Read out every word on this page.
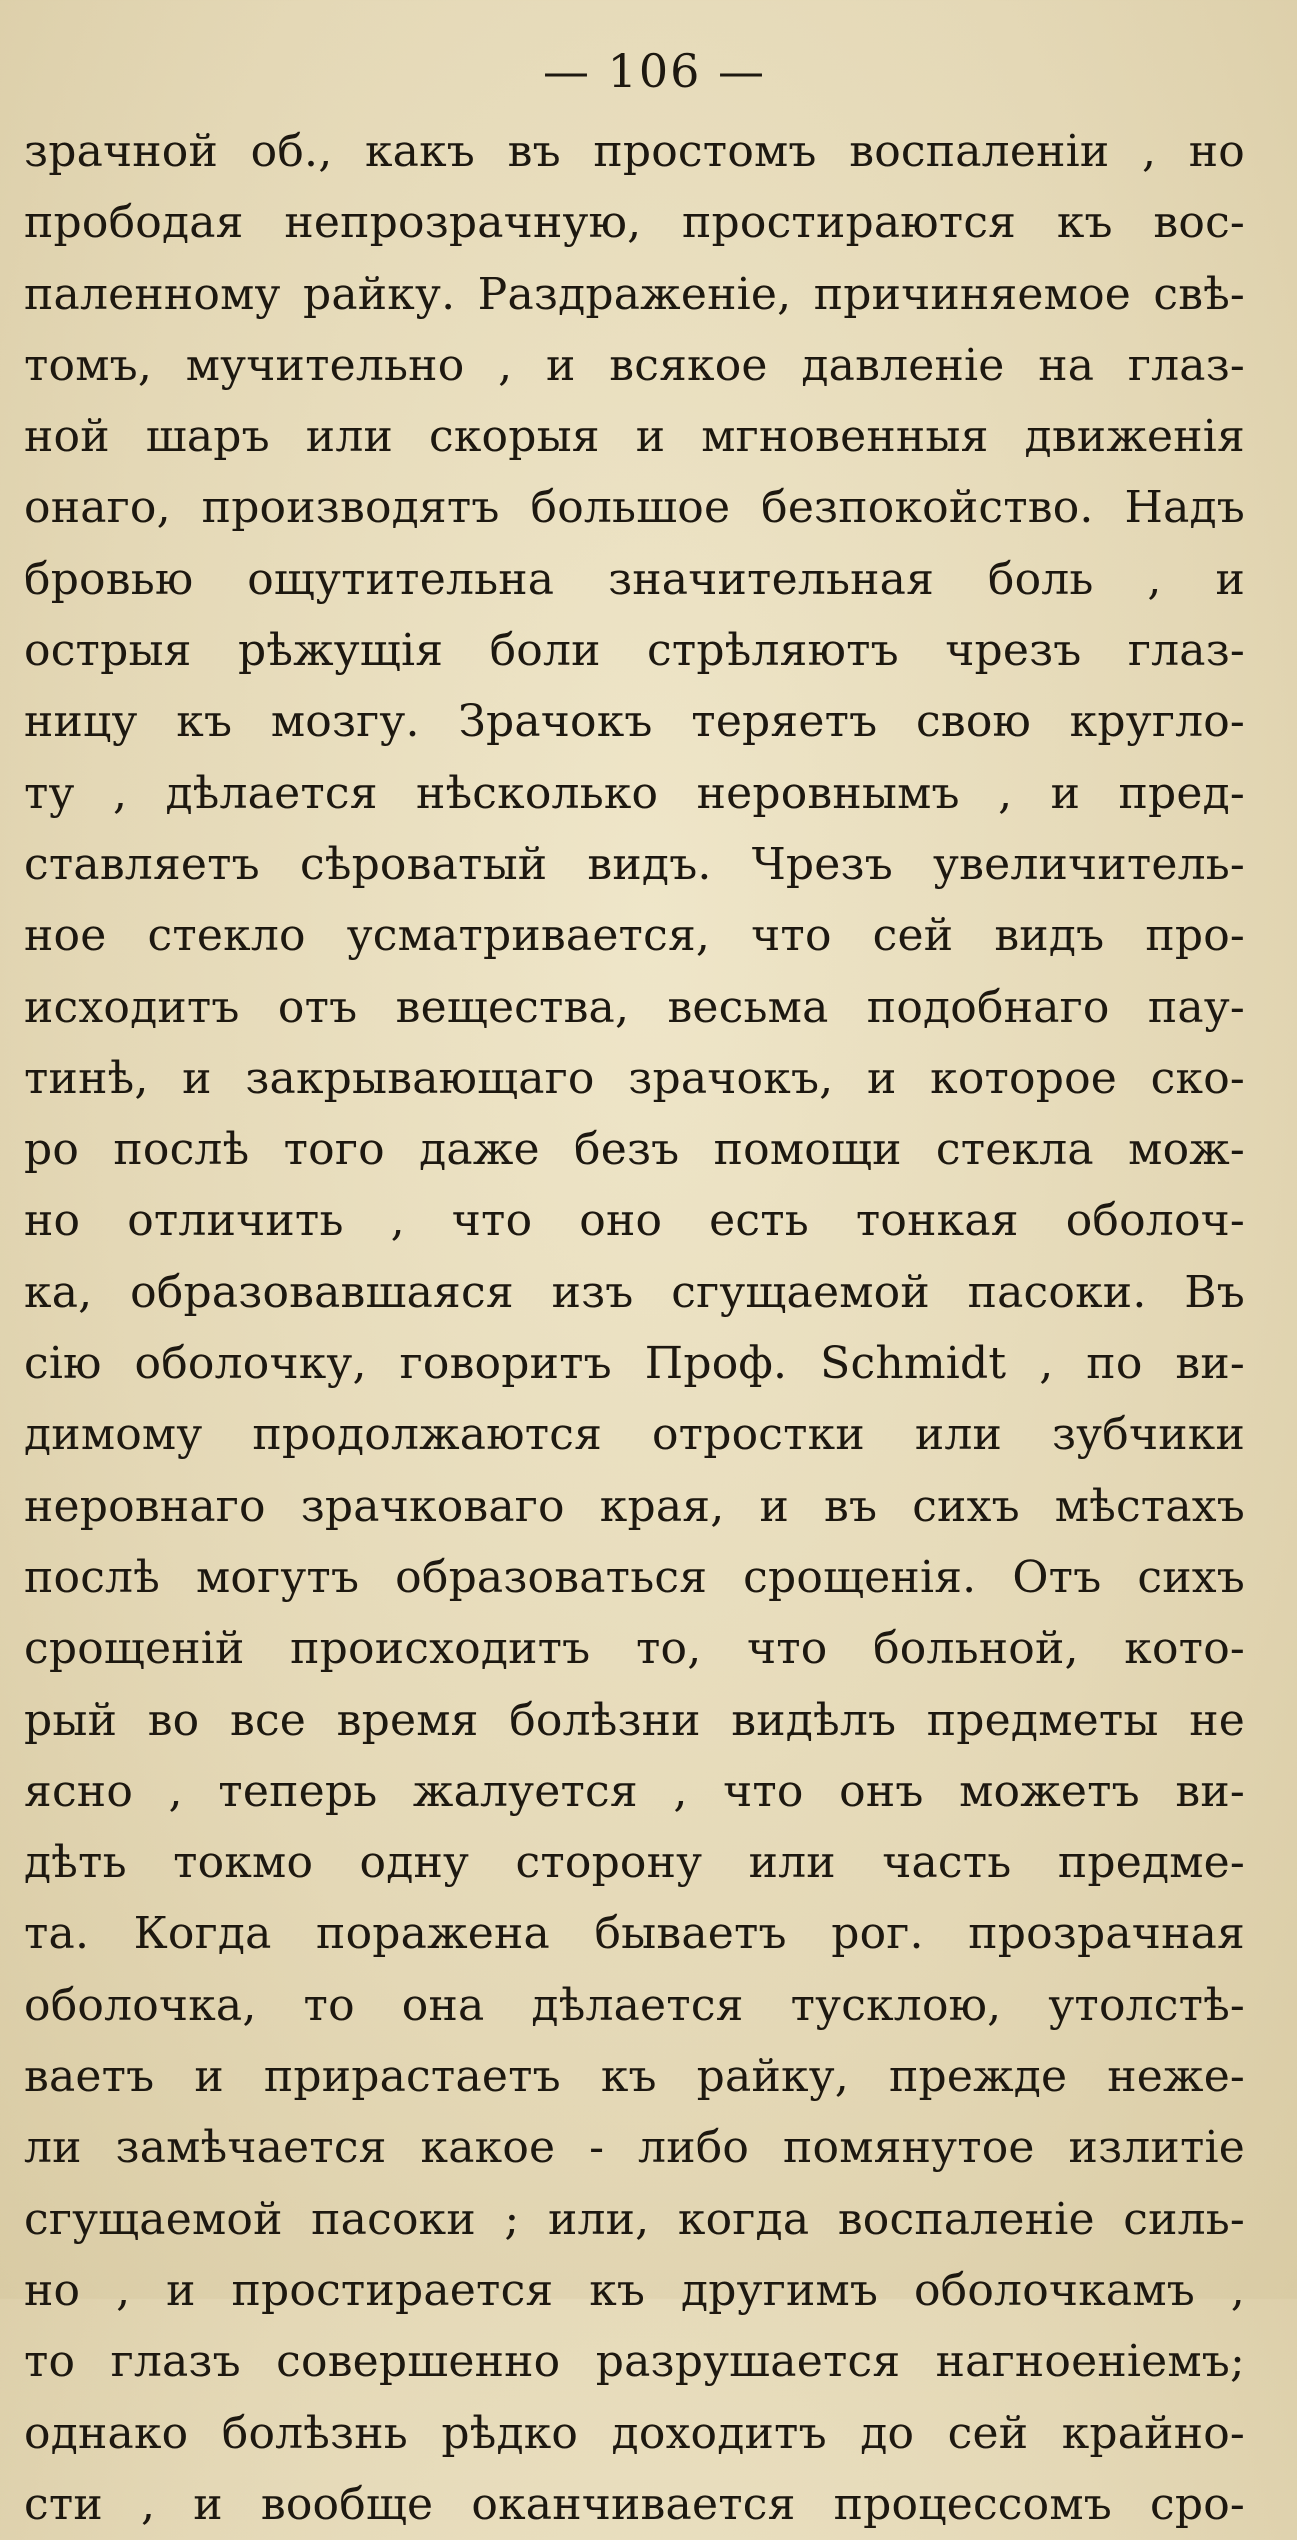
— 106 —
зрачной об., какъ въ простомъ воспаленіи , но
прободая непрозрачную, простираются къ вос-
паленному райку. Раздраженіе, причиняемое свѣ-
томъ, мучительно , и всякое давленіе на глаз-
ной шаръ или скорыя и мгновенныя движенія
онаго, производятъ большое безпокойство. Надъ
бровью ощутительна значительная боль , и
острыя рѣжущія боли стрѣляютъ чрезъ глаз-
ницу къ мозгу. Зрачокъ теряетъ свою кругло-
ту , дѣлается нѣсколько неровнымъ , и пред-
ставляетъ сѣроватый видъ. Чрезъ увеличитель-
ное стекло усматривается, что сей видъ про-
исходитъ отъ вещества, весьма подобнаго пау-
тинѣ, и закрывающаго зрачокъ, и которое ско-
ро послѣ того даже безъ помощи стекла мож-
но отличить , что оно есть тонкая оболоч-
ка, образовавшаяся изъ сгущаемой пасоки. Въ
сію оболочку, говоритъ Проф. Schmidt , по ви-
димому продолжаются отростки или зубчики
неровнаго зрачковаго края, и въ сихъ мѣстахъ
послѣ могутъ образоваться срощенія. Отъ сихъ
срощеній происходитъ то, что больной, кото-
рый во все время болѣзни видѣлъ предметы не
ясно , теперь жалуется , что онъ можетъ ви-
дѣть токмо одну сторону или часть предме-
та. Когда поражена бываетъ рог. прозрачная
оболочка, то она дѣлается тусклою, утолстѣ-
ваетъ и прирастаетъ къ райку, прежде неже-
ли замѣчается какое - либо помянутое излитіе
сгущаемой пасоки ; или, когда воспаленіе силь-
но , и простирается къ другимъ оболочкамъ ,
то глазъ совершенно разрушается нагноеніемъ;
однако болѣзнь рѣдко доходитъ до сей крайно-
сти , и вообще оканчивается процессомъ сро-
